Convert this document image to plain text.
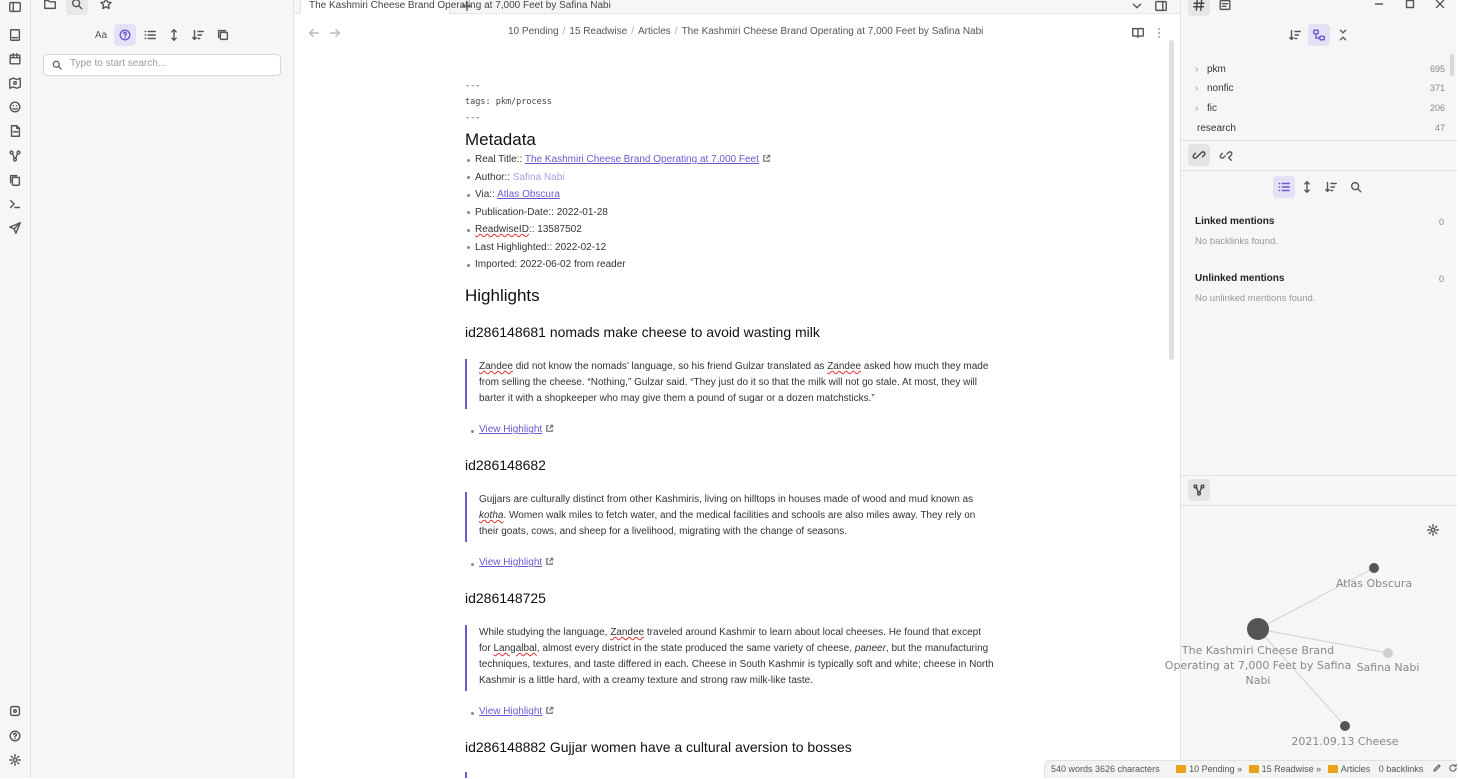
Aa
Type to start search...
The Kashmiri Cheese Brand Operating at 7,000 Feet by Safina Nabi
10 Pending / 15 Readwise / Articles / The Kashmiri Cheese Brand Operating at 7,000 Feet by Safina Nabi
---
tags: pkm/process
---
Metadata
Real Title:: The Kashmiri Cheese Brand Operating at 7,000 Feet
Author:: Safina Nabi
Via:: Atlas Obscura
Publication-Date:: 2022-01-28
ReadwiseID:: 13587502
Last Highlighted:: 2022-02-12
Imported: 2022-06-02 from reader
Highlights
id286148681 nomads make cheese to avoid wasting milk
Zandee did not know the nomads’ language, so his friend Gulzar translated as Zandee asked how much they made from selling the cheese. “Nothing,” Gulzar said. “They just do it so that the milk will not go stale. At most, they will barter it with a shopkeeper who may give them a pound of sugar or a dozen matchsticks.”
View Highlight
id286148682
Gujjars are culturally distinct from other Kashmiris, living on hilltops in houses made of wood and mud known as kotha. Women walk miles to fetch water, and the medical facilities and schools are also miles away. They rely on their goats, cows, and sheep for a livelihood, migrating with the change of seasons.
View Highlight
id286148725
While studying the language, Zandee traveled around Kashmir to learn about local cheeses. He found that except for Langalbal, almost every district in the state produced the same variety of cheese, paneer, but the manufacturing techniques, textures, and taste differed in each. Cheese in South Kashmir is typically soft and white; cheese in North Kashmir is a little hard, with a creamy texture and strong raw milk-like taste.
View Highlight
id286148882 Gujjar women have a cultural aversion to bosses
› pkm	695
› nonfic	371
› fic	206
research	47
Linked mentions	0
No backlinks found.
Unlinked mentions	0
No unlinked mentions found.
Atlas Obscura
Safina Nabi
2021.09.13 Cheese
The Kashmiri Cheese Brand
Operating at 7,000 Feet by Safina
Nabi
540 words 3626 characters	10 Pending » 15 Readwise » Articles 0 backlinks
